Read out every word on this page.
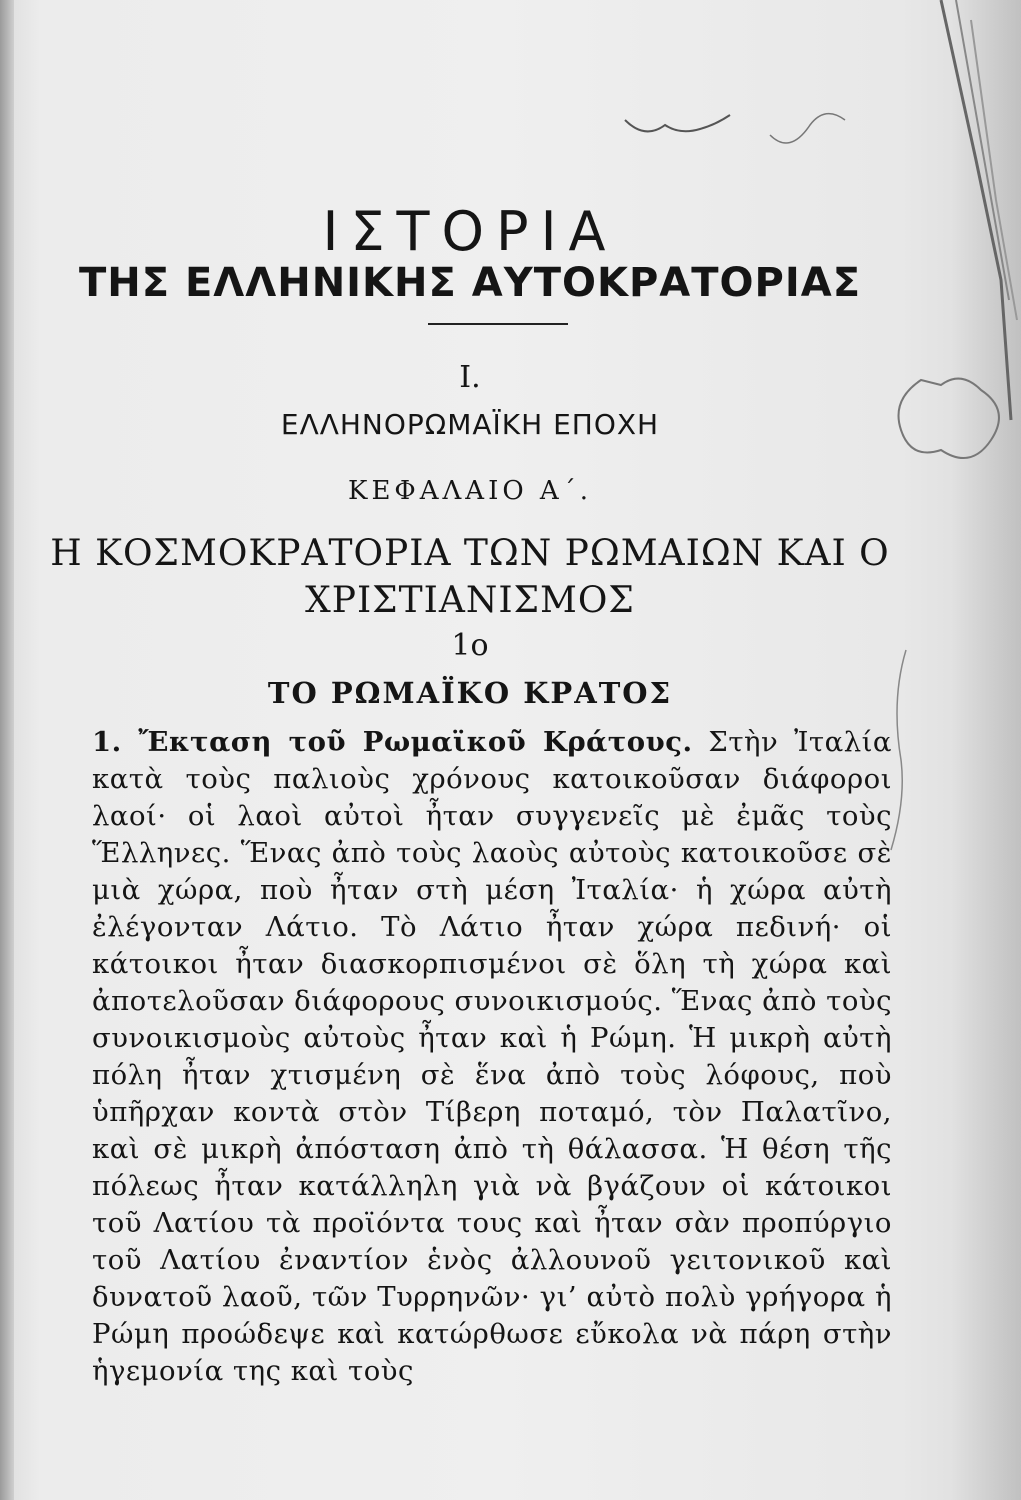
ΙΣΤΟΡΙΑ
ΤΗΣ ΕΛΛΗΝΙΚΗΣ ΑΥΤΟΚΡΑΤΟΡΙΑΣ
I.
ΕΛΛΗΝΟΡΩΜΑΪΚΗ ΕΠΟΧΗ
ΚΕΦΑΛΑΙΟ Α΄.
Η ΚΟΣΜΟΚΡΑΤΟΡΙΑ ΤΩΝ ΡΩΜΑΙΩΝ ΚΑΙ Ο
ΧΡΙΣΤΙΑΝΙΣΜΟΣ
1ο
ΤΟ ΡΩΜΑΪΚΟ ΚΡΑΤΟΣ
1. Ἔκταση τοῦ Ρωμαϊκοῦ Κράτους. Στὴν Ἰταλία κατὰ τοὺς παλιοὺς χρόνους κατοικοῦσαν διάφοροι λαοί· οἱ λαοὶ αὐτοὶ ἦταν συγγενεῖς μὲ ἐμᾶς τοὺς Ἕλληνες. Ἕνας ἀπὸ τοὺς λαοὺς αὐτοὺς κατοικοῦσε σὲ μιὰ χώρα, ποὺ ἦταν στὴ μέση Ἰταλία· ἡ χώρα αὐτὴ ἐλέγονταν Λάτιο. Τὸ Λάτιο ἦταν χώρα πεδινή· οἱ κάτοικοι ἦταν διασκορπισμένοι σὲ ὅλη τὴ χώρα καὶ ἀποτελοῦσαν διάφορους συνοικισμούς. Ἕνας ἀπὸ τοὺς συνοικισμοὺς αὐτοὺς ἦταν καὶ ἡ Ρώμη. Ἡ μικρὴ αὐτὴ πόλη ἦταν χτισμένη σὲ ἕνα ἀπὸ τοὺς λόφους, ποὺ ὑπῆρχαν κοντὰ στὸν Τίβερη ποταμό, τὸν Παλατῖνο, καὶ σὲ μικρὴ ἀπόσταση ἀπὸ τὴ θάλασσα. Ἡ θέση τῆς πόλεως ἦταν κατάλληλη γιὰ νὰ βγάζουν οἱ κάτοικοι τοῦ Λατίου τὰ προϊόντα τους καὶ ἦταν σὰν προπύργιο τοῦ Λατίου ἐναντίον ἑνὸς ἀλλουνοῦ γειτονικοῦ καὶ δυνατοῦ λαοῦ, τῶν Τυρρηνῶν· γι’ αὐτὸ πολὺ γρήγορα ἡ Ρώμη προώδεψε καὶ κατώρθωσε εὔκολα νὰ πάρη στὴν ἡγεμονία της καὶ τοὺς
